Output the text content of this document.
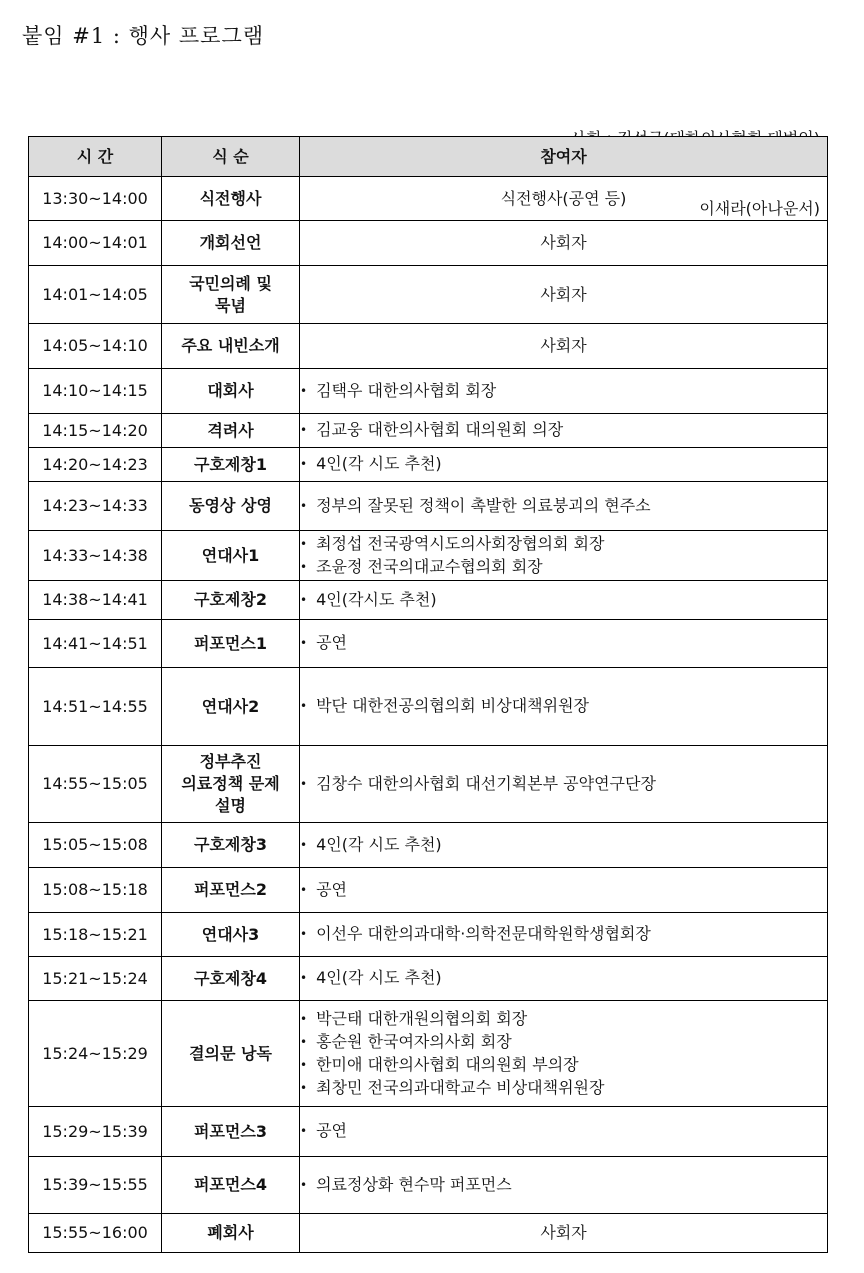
붙임 #1 : 행사 프로그램

이새라(아나운서)

시 간	식 순	참여자
13:30~14:00	식전행사	식전행사(공연 등)

14:00~14:01	개회선언	사회자

14:01~14:05	국민의례 및
묵념	사회자

14:05~14:10	주요 내빈소개	사회자

14:10~14:15	대회사	• 김택우 대한의사협회 회장

14:15~14:20	격려사	• 김교웅 대한의사협회 대의원회 의장

14:20~14:23	구호제창1	• 4인(각 시도 추천)

14:23~14:33	동영상 상영	• 정부의 잘못된 정책이 촉발한 의료붕괴의 현주소

14:33~14:38	연대사1	• 최정섭 전국광역시도의사회장협의회 회장
• 조윤정 전국의대교수협의회 회장

14:38~14:41	구호제창2	• 4인(각시도 추천)

14:41~14:51	퍼포먼스1	• 공연

14:51~14:55	연대사2	• 박단 대한전공의협의회 비상대책위원장

14:55~15:05	정부추진
의료정책 문제
설명	• 김창수 대한의사협회 대선기획본부 공약연구단장

15:05~15:08	구호제창3	• 4인(각 시도 추천)

15:08~15:18	퍼포먼스2	• 공연

15:18~15:21	연대사3	• 이선우 대한의과대학·의학전문대학원학생협회장

15:21~15:24	구호제창4	• 4인(각 시도 추천)

15:24~15:29	결의문 낭독	• 박근태 대한개원의협의회 회장
• 홍순원 한국여자의사회 회장
• 한미애 대한의사협회 대의원회 부의장
• 최창민 전국의과대학교수 비상대책위원장

15:29~15:39	퍼포먼스3	• 공연

15:39~15:55	퍼포먼스4	• 의료정상화 현수막 퍼포먼스

15:55~16:00	폐회사	사회자
